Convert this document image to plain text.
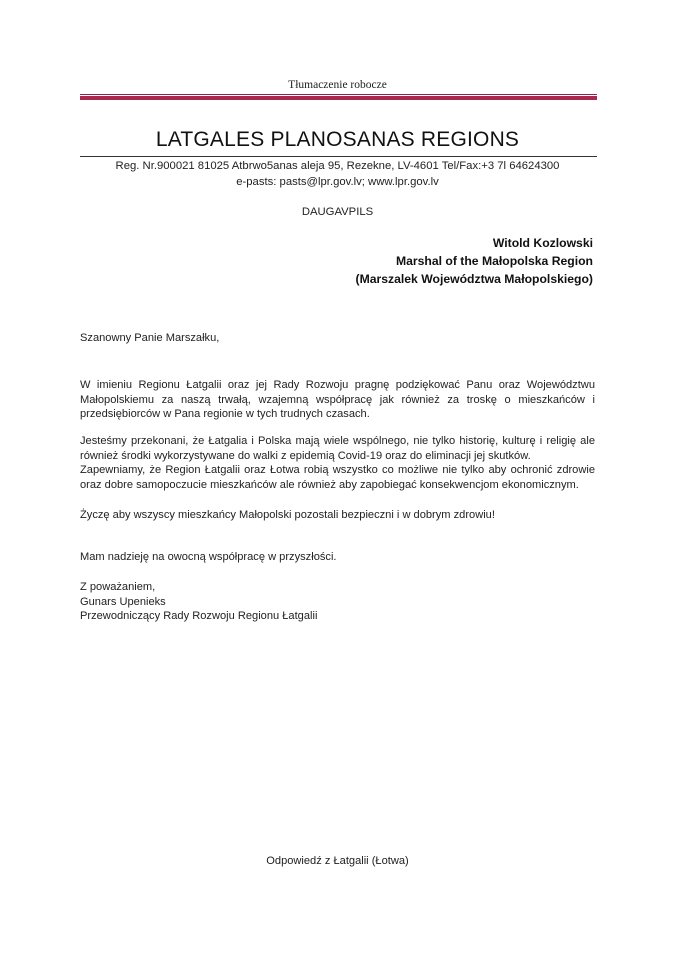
Tłumaczenie robocze
LATGALES PLANOSANAS REGIONS
Reg. Nr.900021 81025 Atbrwo5anas aleja 95, Rezekne, LV-4601 Tel/Fax:+3 7l 64624300
e-pasts: pasts@lpr.gov.lv; www.lpr.gov.lv
DAUGAVPILS
Witold Kozlowski
Marshal of the Małopolska Region
(Marszalek Województwa Małopolskiego)

Szanowny Panie Marszałku,

W imieniu Regionu Łatgalii oraz jej Rady Rozwoju pragnę podziękować Panu oraz Województwu Małopolskiemu za naszą trwałą, wzajemną współpracę jak również za troskę o mieszkańców i przedsiębiorców w Pana regionie w tych trudnych czasach.

Jesteśmy przekonani, że Łatgalia i Polska mają wiele wspólnego, nie tylko historię, kulturę i religię ale również środki wykorzystywane do walki z epidemią Covid-19 oraz do eliminacji jej skutków.

Zapewniamy, że Region Łatgalii oraz Łotwa robią wszystko co możliwe nie tylko aby ochronić zdrowie oraz dobre samopoczucie mieszkańców ale również aby zapobiegać konsekwencjom ekonomicznym.

Życzę aby wszyscy mieszkańcy Małopolski pozostali bezpieczni i w dobrym zdrowiu!

Mam nadzieję na owocną współpracę w przyszłości.

Z poważaniem,
Gunars Upenieks
Przewodniczący Rady Rozwoju Regionu Łatgalii
Odpowiedź z Łatgalii (Łotwa)
